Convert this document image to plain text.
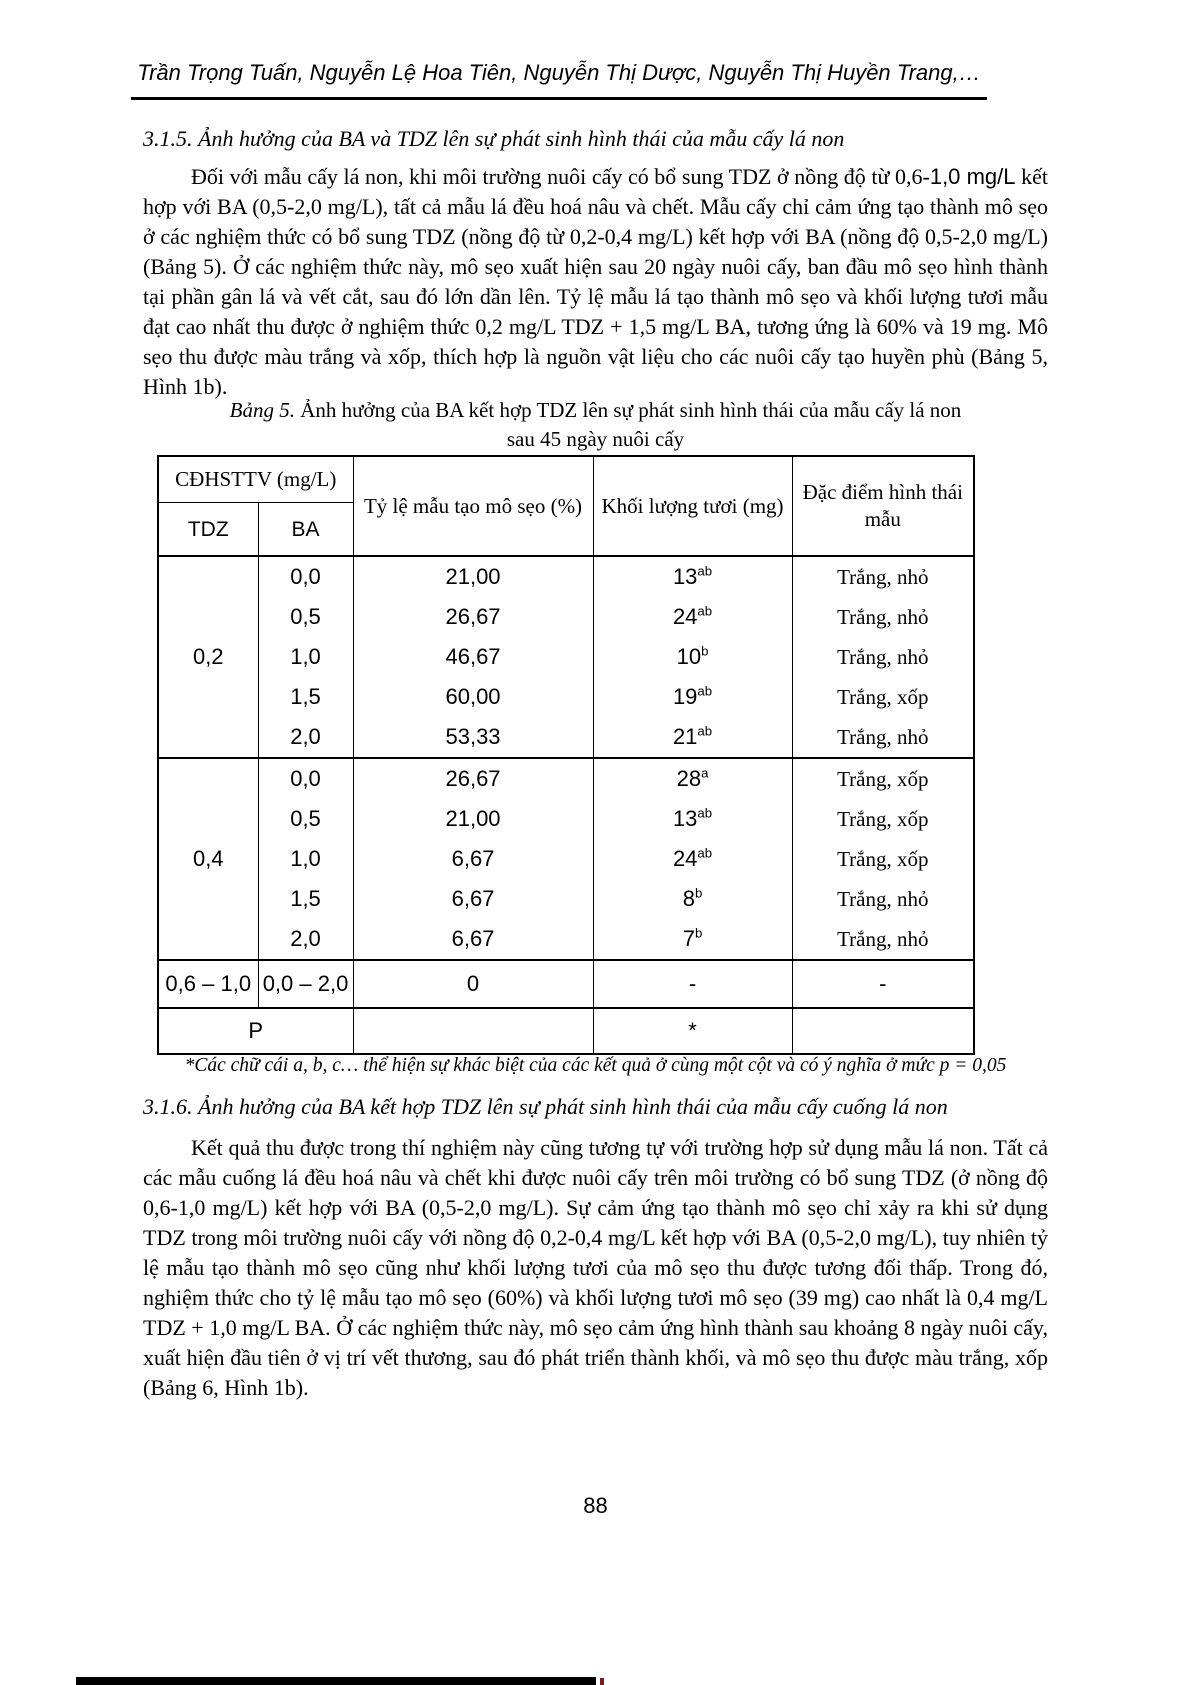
Trần Trọng Tuấn, Nguyễn Lệ Hoa Tiên, Nguyễn Thị Dược, Nguyễn Thị Huyền Trang,…
3.1.5. Ảnh hưởng của BA và TDZ lên sự phát sinh hình thái của mẫu cấy lá non
Đối với mẫu cấy lá non, khi môi trường nuôi cấy có bổ sung TDZ ở nồng độ từ 0,6-1,0 mg/L kết hợp với BA (0,5-2,0 mg/L), tất cả mẫu lá đều hoá nâu và chết. Mẫu cấy chỉ cảm ứng tạo thành mô sẹo ở các nghiệm thức có bổ sung TDZ (nồng độ từ 0,2-0,4 mg/L) kết hợp với BA (nồng độ 0,5-2,0 mg/L) (Bảng 5). Ở các nghiệm thức này, mô sẹo xuất hiện sau 20 ngày nuôi cấy, ban đầu mô sẹo hình thành tại phần gân lá và vết cắt, sau đó lớn dần lên. Tỷ lệ mẫu lá tạo thành mô sẹo và khối lượng tươi mẫu đạt cao nhất thu được ở nghiệm thức 0,2 mg/L TDZ + 1,5 mg/L BA, tương ứng là 60% và 19 mg. Mô sẹo thu được màu trắng và xốp, thích hợp là nguồn vật liệu cho các nuôi cấy tạo huyền phù (Bảng 5, Hình 1b).
Bảng 5. Ảnh hưởng của BA kết hợp TDZ lên sự phát sinh hình thái của mẫu cấy lá non
sau 45 ngày nuôi cấy
CĐHSTTV (mg/L)		Tỷ lệ mẫu tạo mô sẹo (%)	Khối lượng tươi (mg)	Đặc điểm hình thái mẫu
TDZ	BA			
0,2	0,0	21,00	$13^{ab}$	Trắng, nhỏ
	0,5	26,67	$24^{ab}$	Trắng, nhỏ
	1,0	46,67	10$^b$	Trắng, nhỏ
	1,5	60,00	$19^{ab}$	Trắng, xốp
	2,0	53,33	$21^{ab}$	Trắng, nhỏ
0,4	0,0	26,67	28$^a$	Trắng, xốp
	0,5	21,00	$13^{ab}$	Trắng, xốp
	1,0	6,67	$24^{ab}$	Trắng, xốp
	1,5	6,67	8$^b$	Trắng, nhỏ
	2,0	6,67	7$^b$	Trắng, nhỏ
0,6 – 1,0	0,0 – 2,0	0	-	-
P			*	
*Các chữ cái a, b, c… thể hiện sự khác biệt của các kết quả ở cùng một cột và có ý nghĩa ở mức p = 0,05
3.1.6. Ảnh hưởng của BA kết hợp TDZ lên sự phát sinh hình thái của mẫu cấy cuống lá non
Kết quả thu được trong thí nghiệm này cũng tương tự với trường hợp sử dụng mẫu lá non. Tất cả các mẫu cuống lá đều hoá nâu và chết khi được nuôi cấy trên môi trường có bổ sung TDZ (ở nồng độ 0,6-1,0 mg/L) kết hợp với BA (0,5-2,0 mg/L). Sự cảm ứng tạo thành mô sẹo chỉ xảy ra khi sử dụng TDZ trong môi trường nuôi cấy với nồng độ 0,2-0,4 mg/L kết hợp với BA (0,5-2,0 mg/L), tuy nhiên tỷ lệ mẫu tạo thành mô sẹo cũng như khối lượng tươi của mô sẹo thu được tương đối thấp. Trong đó, nghiệm thức cho tỷ lệ mẫu tạo mô sẹo (60%) và khối lượng tươi mô sẹo (39 mg) cao nhất là 0,4 mg/L TDZ + 1,0 mg/L BA. Ở các nghiệm thức này, mô sẹo cảm ứng hình thành sau khoảng 8 ngày nuôi cấy, xuất hiện đầu tiên ở vị trí vết thương, sau đó phát triển thành khối, và mô sẹo thu được màu trắng, xốp (Bảng 6, Hình 1b).
88
